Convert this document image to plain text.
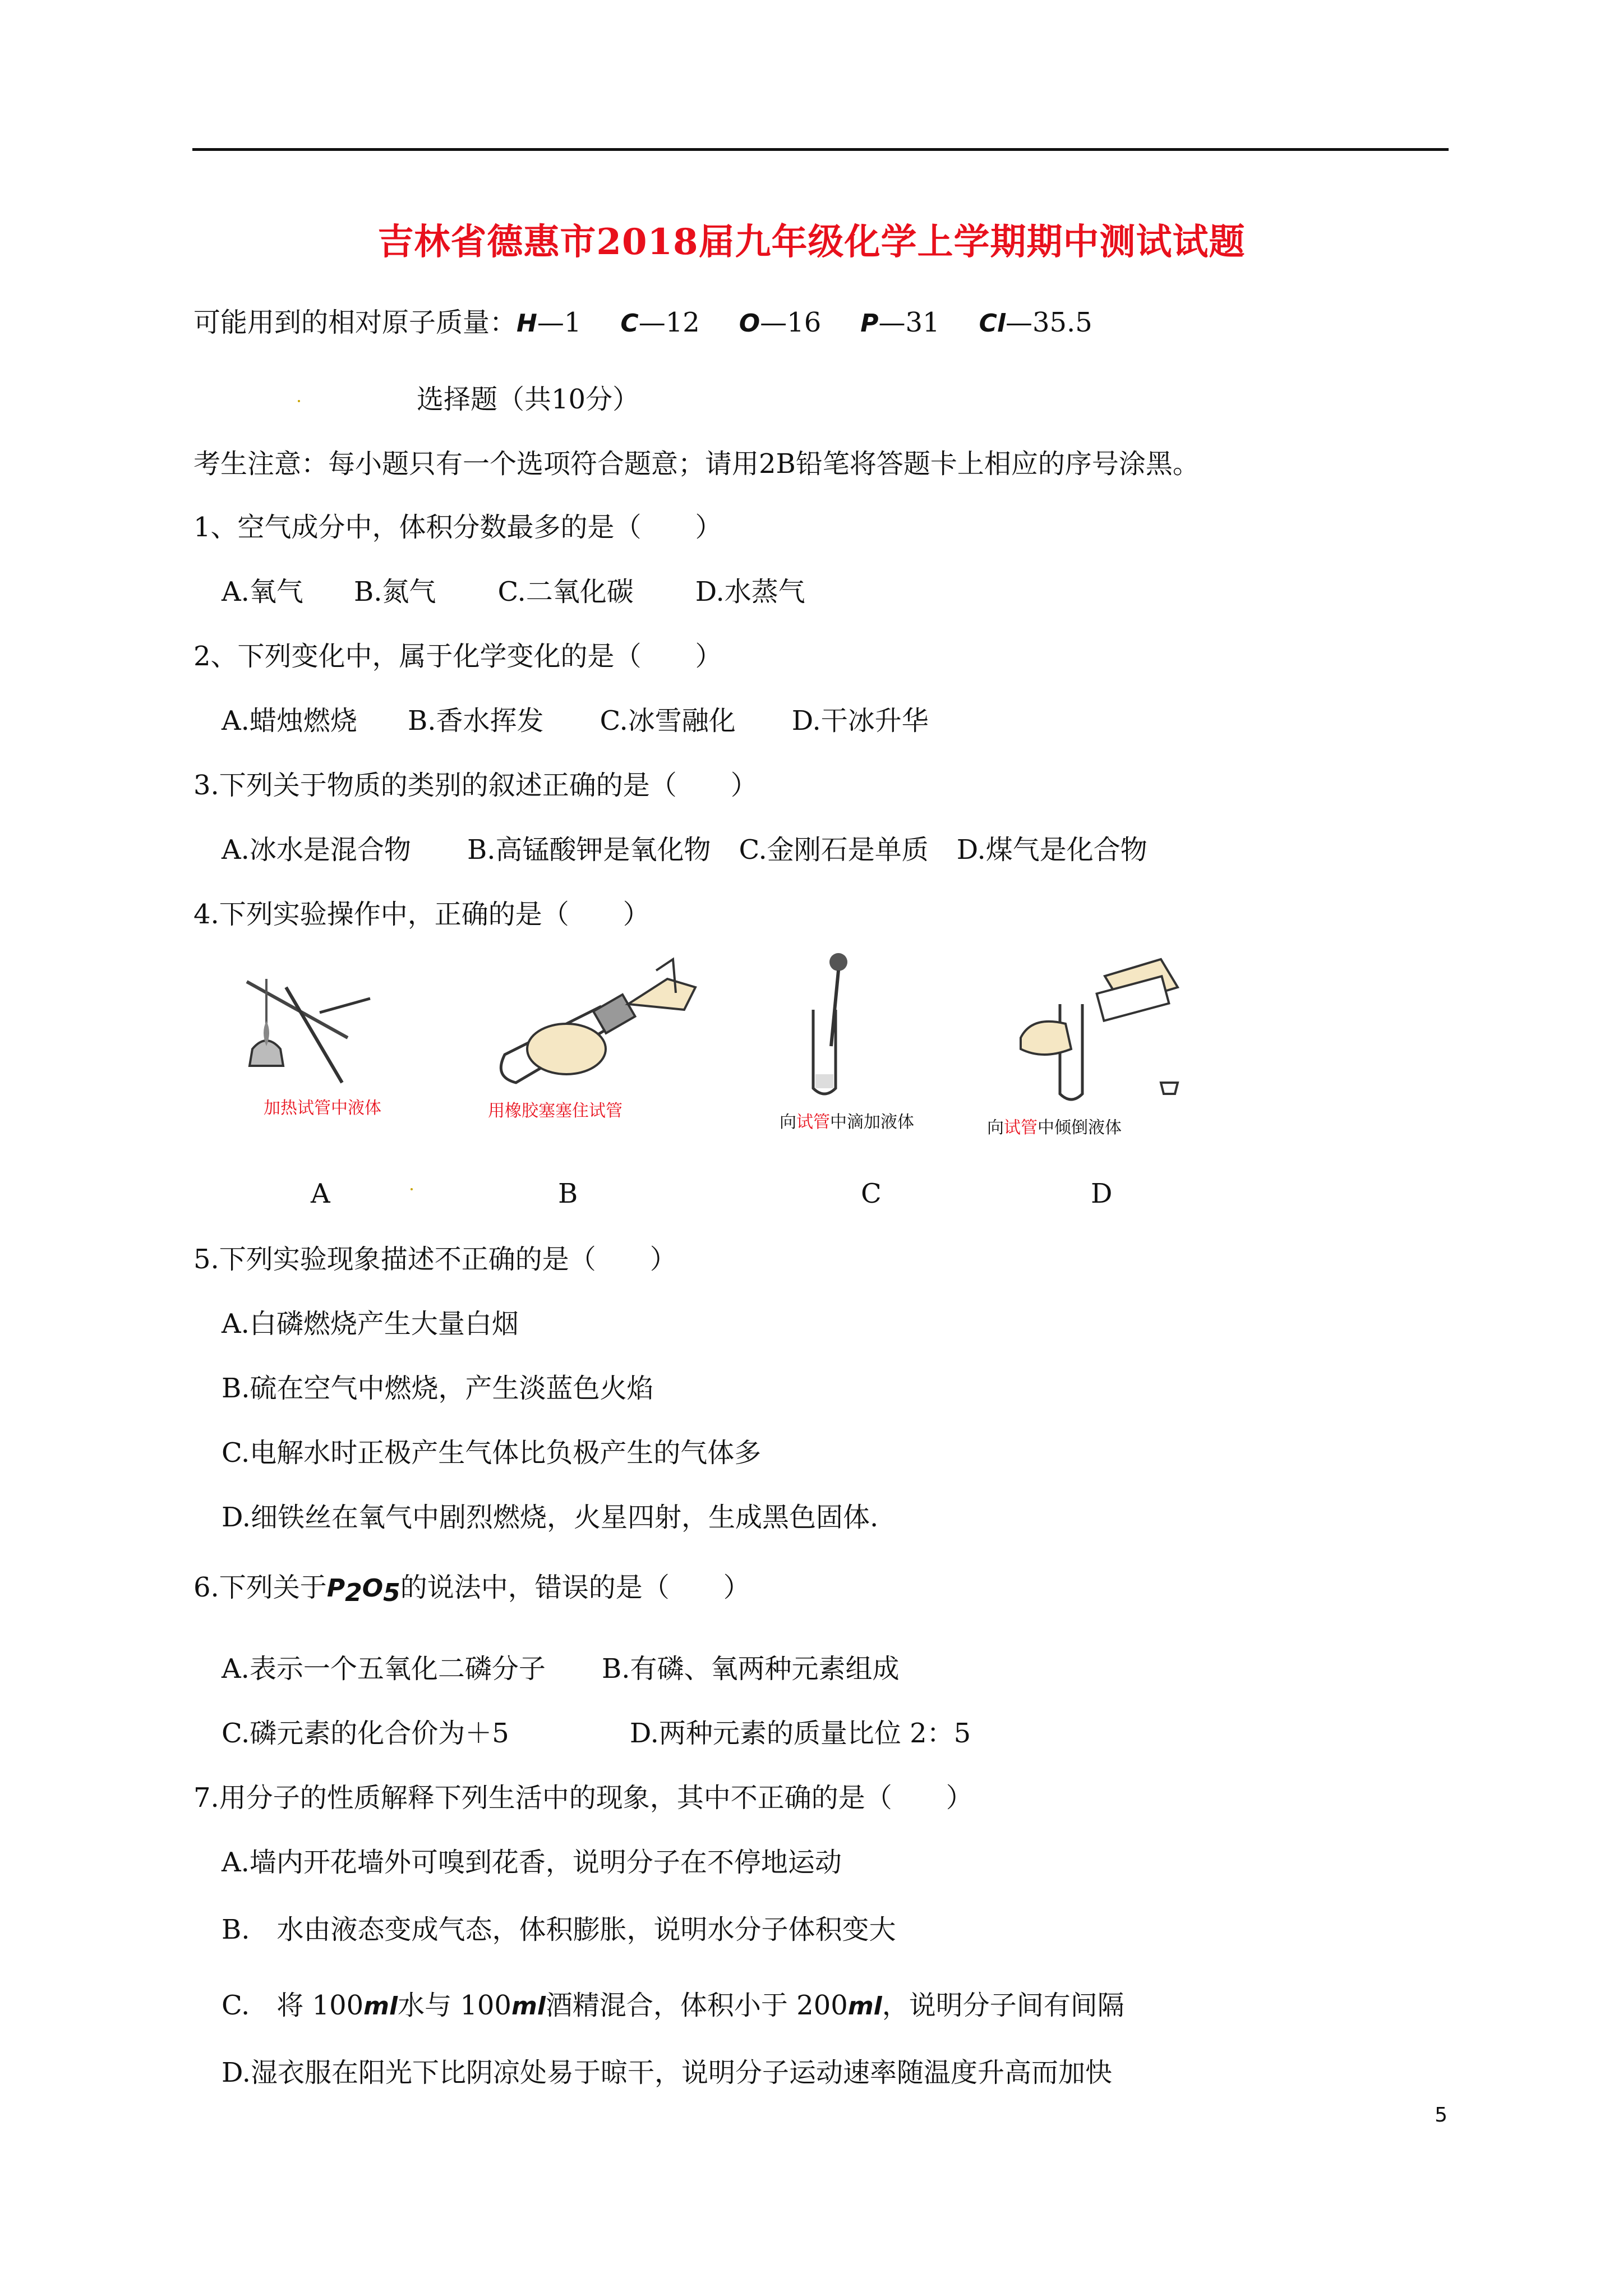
吉林省德惠市2018届九年级化学上学期期中测试试题
可能用到的相对原子质量：H—1 C—12 O—16 P—31 Cl—35.5
选择题（共10分）
考生注意：每小题只有一个选项符合题意；请用2B铅笔将答题卡上相应的序号涂黑。
1、空气成分中，体积分数最多的是（　　）
A.氧气 B.氮气 C.二氧化碳 D.水蒸气
2、下列变化中，属于化学变化的是（　　）
A.蜡烛燃烧 B.香水挥发 C.冰雪融化 D.干冰升华
3.下列关于物质的类别的叙述正确的是（　　）
A.冰水是混合物 B.高锰酸钾是氧化物 C.金刚石是单质 D.煤气是化合物
4.下列实验操作中，正确的是（　　）
加热试管中液体	用橡胶塞塞住试管
向试管中滴加液体	向试管中倾倒液体
A	B	C	D
5.下列实验现象描述不正确的是（　　）
A.白磷燃烧产生大量白烟
B.硫在空气中燃烧，产生淡蓝色火焰
C.电解水时正极产生气体比负极产生的气体多
D.细铁丝在氧气中剧烈燃烧，火星四射，生成黑色固体.
6.下列关于P2O5的说法中，错误的是（　　）
A.表示一个五氧化二磷分子 B.有磷、氧两种元素组成
C.磷元素的化合价为＋5	D.两种元素的质量比位 2：5
7.用分子的性质解释下列生活中的现象，其中不正确的是（　　）
A.墙内开花墙外可嗅到花香，说明分子在不停地运动
B.　水由液态变成气态，体积膨胀，说明水分子体积变大
C.　将 100ml水与 100ml酒精混合，体积小于 200ml，说明分子间有间隔
D.湿衣服在阳光下比阴凉处易于晾干，说明分子运动速率随温度升高而加快
5
